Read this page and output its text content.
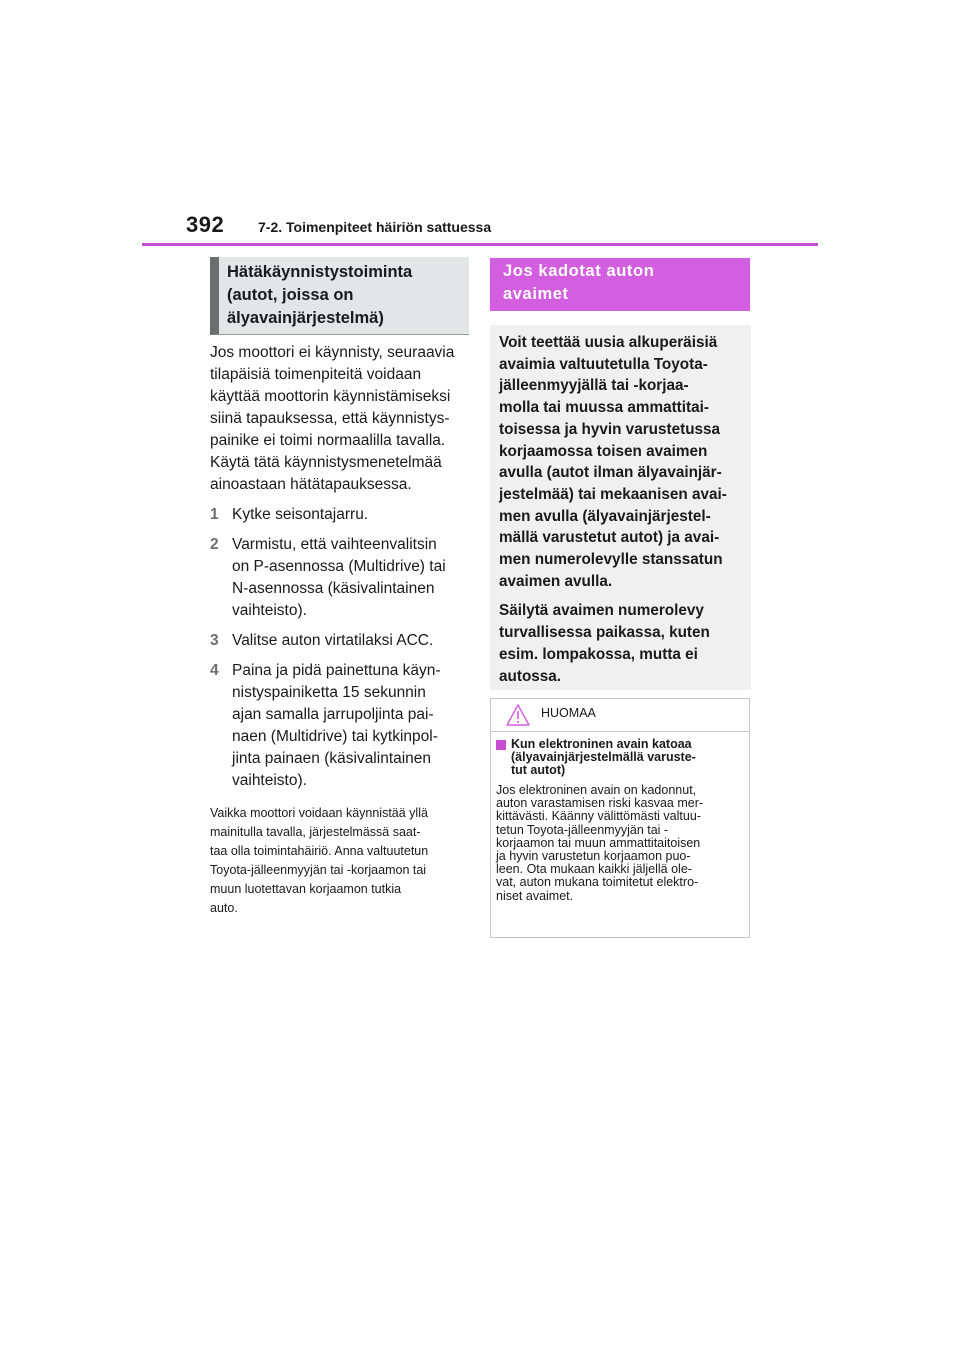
392 7-2. Toimenpiteet häiriön sattuessa
Hätäkäynnistystoiminta
(autot, joissa on
älyavainjärjestelmä)

Jos moottori ei käynnisty, seuraavia
tilapäisiä toimenpiteitä voidaan
käyttää moottorin käynnistämiseksi
siinä tapauksessa, että käynnistys-
painike ei toimi normaalilla tavalla.
Käytä tätä käynnistysmenetelmää
ainoastaan hätätapauksessa.

1 Kytke seisontajarru.
2 Varmistu, että vaihteenvalitsin
on P-asennossa (Multidrive) tai
N-asennossa (käsivalintainen
vaihteisto).
3 Valitse auton virtatilaksi ACC.
4 Paina ja pidä painettuna käyn-
nistyspainiketta 15 sekunnin
ajan samalla jarrupoljinta pai-
naen (Multidrive) tai kytkinpol-
jinta painaen (käsivalintainen
vaihteisto).
Vaikka moottori voidaan käynnistää yllä
mainitulla tavalla, järjestelmässä saat-
taa olla toimintahäiriö. Anna valtuutetun
Toyota-jälleenmyyjän tai -korjaamon tai
muun luotettavan korjaamon tutkia
auto.
Jos kadotat auton
avaimet
Voit teettää uusia alkuperäisiä
avaimia valtuutetulla Toyota-
jälleenmyyjällä tai -korjaa-
molla tai muussa ammattitai-
toisessa ja hyvin varustetussa
korjaamossa toisen avaimen
avulla (autot ilman älyavainjär-
jestelmää) tai mekaanisen avai-
men avulla (älyavainjärjestel-
mällä varustetut autot) ja avai-
men numerolevylle stanssatun
avaimen avulla.
Säilytä avaimen numerolevy
turvallisessa paikassa, kuten
esim. lompakossa, mutta ei
autossa.
HUOMAA
Kun elektroninen avain katoaa
(älyavainjärjestelmällä varuste-
tut autot)
Jos elektroninen avain on kadonnut,
auton varastamisen riski kasvaa mer-
kittävästi. Käänny välittömästi valtuu-
tetun Toyota-jälleenmyyjän tai -
korjaamon tai muun ammattitaitoisen
ja hyvin varustetun korjaamon puo-
leen. Ota mukaan kaikki jäljellä ole-
vat, auton mukana toimitetut elektro-
niset avaimet.
